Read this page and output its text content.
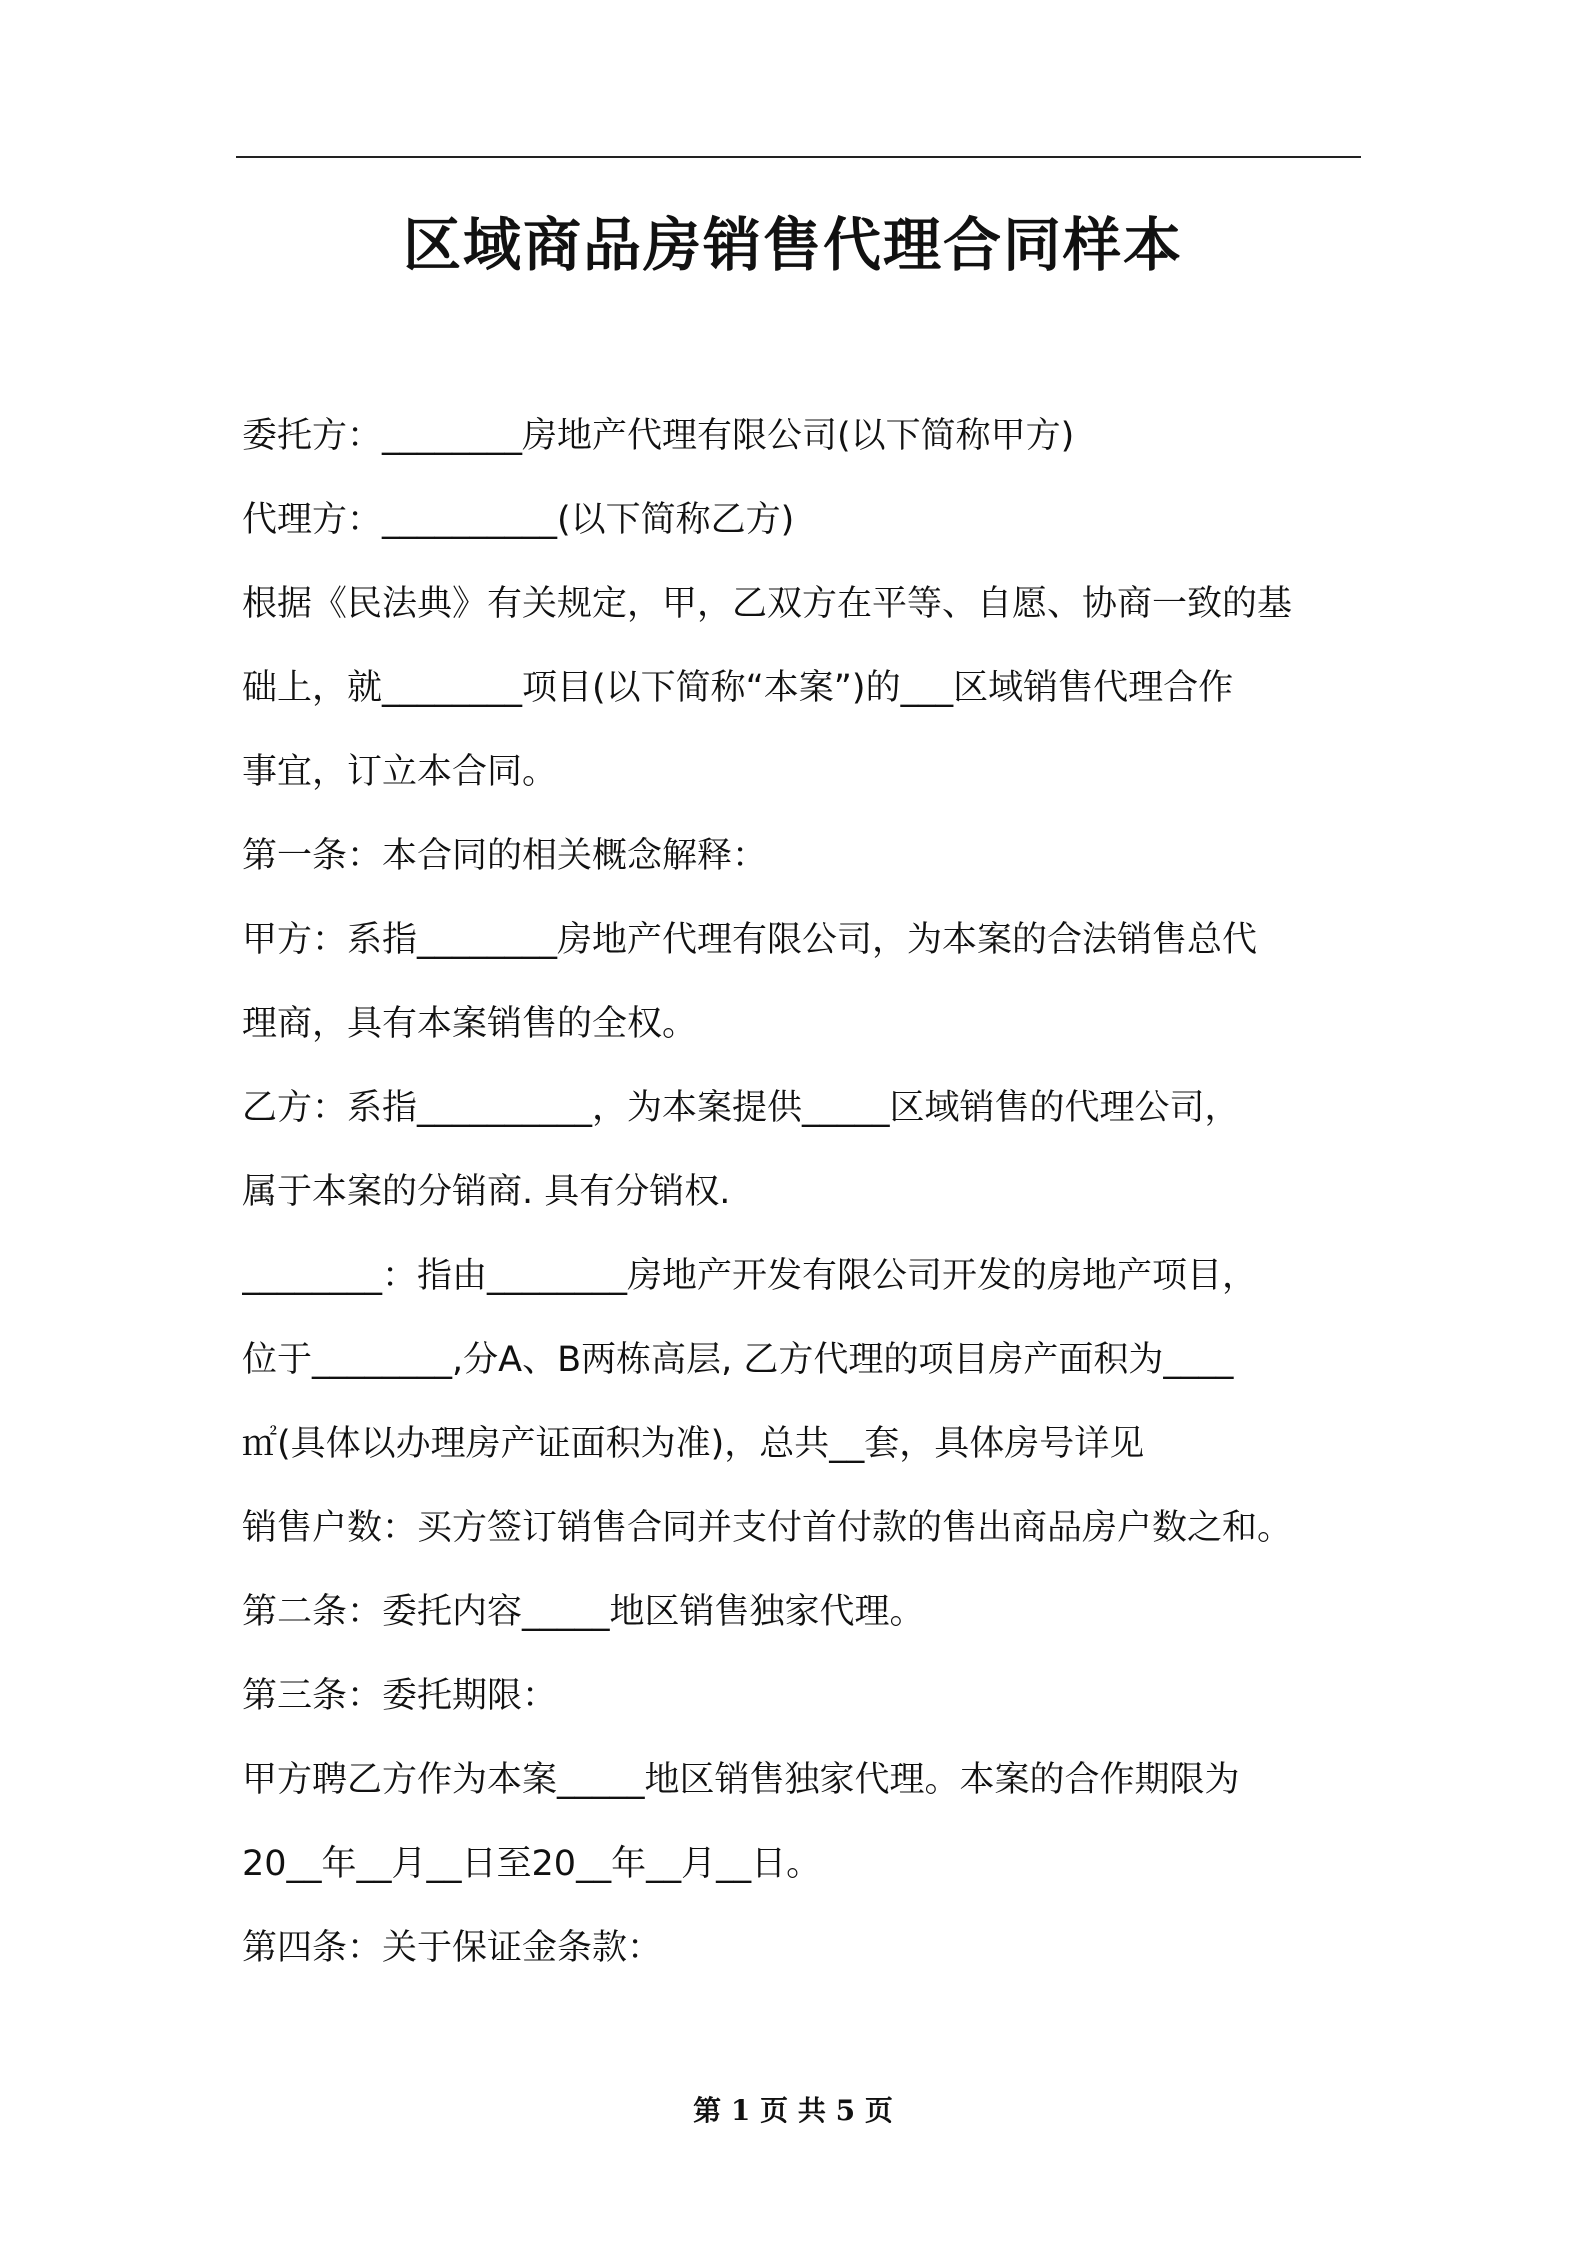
区域商品房销售代理合同样本
委托方：________房地产代理有限公司(以下简称甲方)
代理方：__________(以下简称乙方)
根据《民法典》有关规定，甲，乙双方在平等、自愿、协商一致的基
础上，就________项目(以下简称“本案”)的___区域销售代理合作
事宜，订立本合同。
第一条：本合同的相关概念解释：
甲方：系指________房地产代理有限公司，为本案的合法销售总代
理商，具有本案销售的全权。
乙方：系指__________，为本案提供_____区域销售的代理公司，
属于本案的分销商. 具有分销权.
________：指由________房地产开发有限公司开发的房地产项目，
位于________,分A、B两栋高层, 乙方代理的项目房产面积为____
㎡(具体以办理房产证面积为准)，总共__套，具体房号详见
销售户数：买方签订销售合同并支付首付款的售出商品房户数之和。
第二条：委托内容_____地区销售独家代理。
第三条：委托期限：
甲方聘乙方作为本案_____地区销售独家代理。本案的合作期限为
20__年__月__日至20__年__月__日。
第四条：关于保证金条款：
第 1 页 共 5 页
